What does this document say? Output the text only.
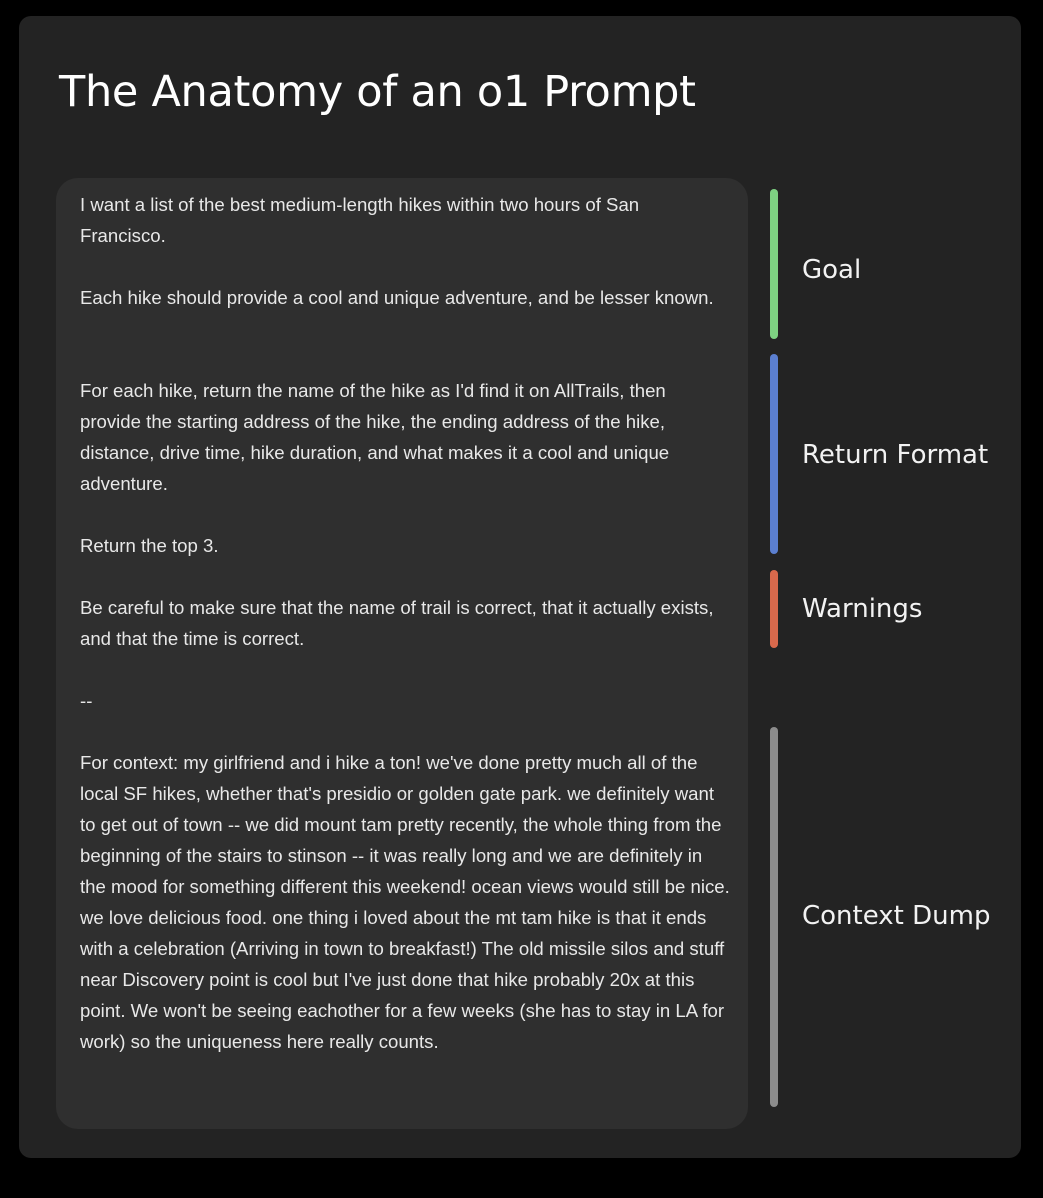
The Anatomy of an o1 Prompt

I want a list of the best medium-length hikes within two hours of San Francisco.

Each hike should provide a cool and unique adventure, and be lesser known.

For each hike, return the name of the hike as I'd find it on AllTrails, then provide the starting address of the hike, the ending address of the hike, distance, drive time, hike duration, and what makes it a cool and unique adventure.

Return the top 3.

Be careful to make sure that the name of trail is correct, that it actually exists, and that the time is correct.

--

For context: my girlfriend and i hike a ton! we've done pretty much all of the local SF hikes, whether that's presidio or golden gate park. we definitely want to get out of town -- we did mount tam pretty recently, the whole thing from the beginning of the stairs to stinson -- it was really long and we are definitely in the mood for something different this weekend! ocean views would still be nice. we love delicious food. one thing i loved about the mt tam hike is that it ends with a celebration (Arriving in town to breakfast!) The old missile silos and stuff near Discovery point is cool but I've just done that hike probably 20x at this point. We won't be seeing eachother for a few weeks (she has to stay in LA for work) so the uniqueness here really counts.

Goal
Return Format
Warnings
Context Dump
